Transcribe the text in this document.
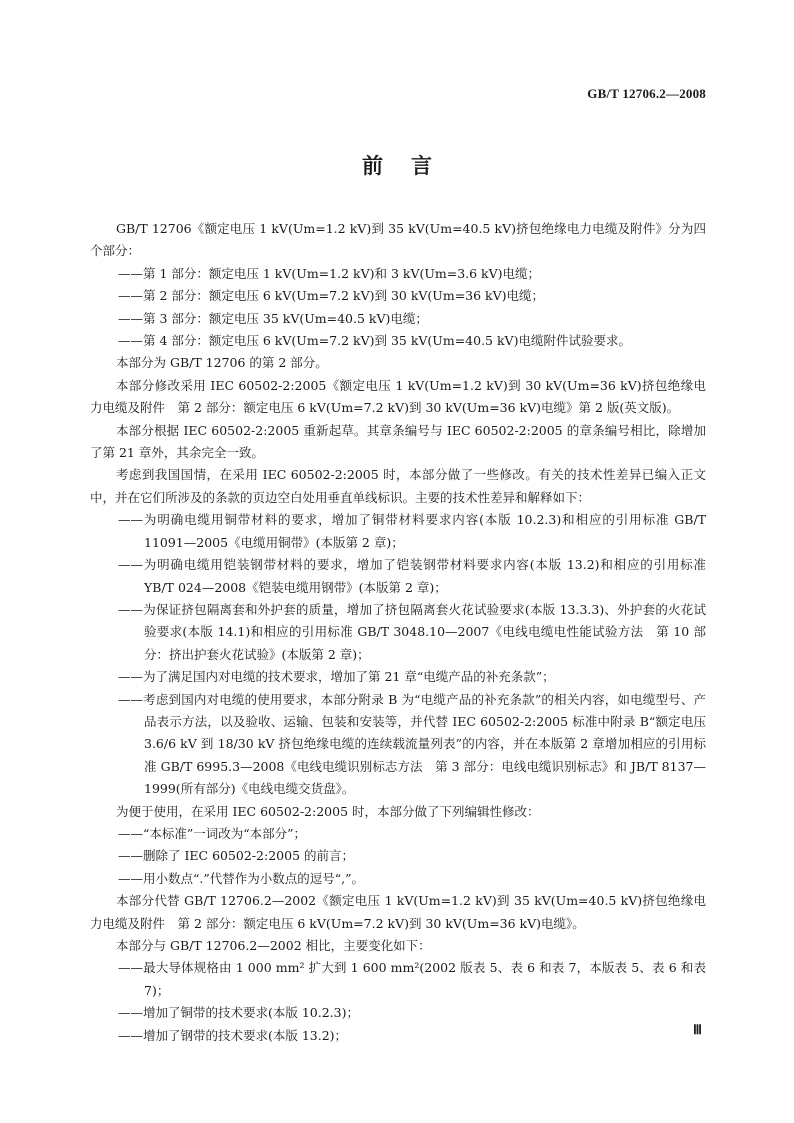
GB/T 12706.2—2008
前言

GB/T 12706《额定电压 1 kV(Um=1.2 kV)到 35 kV(Um=40.5 kV)挤包绝缘电力电缆及附件》分为四个部分：

——第 1 部分：额定电压 1 kV(Um=1.2 kV)和 3 kV(Um=3.6 kV)电缆；

——第 2 部分：额定电压 6 kV(Um=7.2 kV)到 30 kV(Um=36 kV)电缆；

——第 3 部分：额定电压 35 kV(Um=40.5 kV)电缆；

——第 4 部分：额定电压 6 kV(Um=7.2 kV)到 35 kV(Um=40.5 kV)电缆附件试验要求。

本部分为 GB/T 12706 的第 2 部分。

本部分修改采用 IEC 60502-2:2005《额定电压 1 kV(Um=1.2 kV)到 30 kV(Um=36 kV)挤包绝缘电力电缆及附件　第 2 部分：额定电压 6 kV(Um=7.2 kV)到 30 kV(Um=36 kV)电缆》第 2 版(英文版)。

本部分根据 IEC 60502-2:2005 重新起草。其章条编号与 IEC 60502-2:2005 的章条编号相比，除增加了第 21 章外，其余完全一致。

考虑到我国国情，在采用 IEC 60502-2:2005 时，本部分做了一些修改。有关的技术性差异已编入正文中，并在它们所涉及的条款的页边空白处用垂直单线标识。主要的技术性差异和解释如下：

——为明确电缆用铜带材料的要求，增加了铜带材料要求内容(本版 10.2.3)和相应的引用标准 GB/T 11091—2005《电缆用铜带》(本版第 2 章)；

——为明确电缆用铠装钢带材料的要求，增加了铠装钢带材料要求内容(本版 13.2)和相应的引用标准 YB/T 024—2008《铠装电缆用钢带》(本版第 2 章)；

——为保证挤包隔离套和外护套的质量，增加了挤包隔离套火花试验要求(本版 13.3.3)、外护套的火花试验要求(本版 14.1)和相应的引用标准 GB/T 3048.10—2007《电线电缆电性能试验方法　第 10 部分：挤出护套火花试验》(本版第 2 章)；

——为了满足国内对电缆的技术要求，增加了第 21 章“电缆产品的补充条款”；

——考虑到国内对电缆的使用要求，本部分附录 B 为“电缆产品的补充条款”的相关内容，如电缆型号、产品表示方法，以及验收、运输、包装和安装等，并代替 IEC 60502-2:2005 标准中附录 B“额定电压 3.6/6 kV 到 18/30 kV 挤包绝缘电缆的连续载流量列表”的内容，并在本版第 2 章增加相应的引用标准 GB/T 6995.3—2008《电线电缆识别标志方法　第 3 部分：电线电缆识别标志》和 JB/T 8137—1999(所有部分)《电线电缆交货盘》。

为便于使用，在采用 IEC 60502-2:2005 时，本部分做了下列编辑性修改：

——“本标准”一词改为“本部分”；

——删除了 IEC 60502-2:2005 的前言；

——用小数点“.”代替作为小数点的逗号“,”。

本部分代替 GB/T 12706.2—2002《额定电压 1 kV(Um=1.2 kV)到 35 kV(Um=40.5 kV)挤包绝缘电力电缆及附件　第 2 部分：额定电压 6 kV(Um=7.2 kV)到 30 kV(Um=36 kV)电缆》。

本部分与 GB/T 12706.2—2002 相比，主要变化如下：

——最大导体规格由 1 000 mm² 扩大到 1 600 mm²(2002 版表 5、表 6 和表 7，本版表 5、表 6 和表 7)；

——增加了铜带的技术要求(本版 10.2.3)；

——增加了钢带的技术要求(本版 13.2)；	Ⅲ
